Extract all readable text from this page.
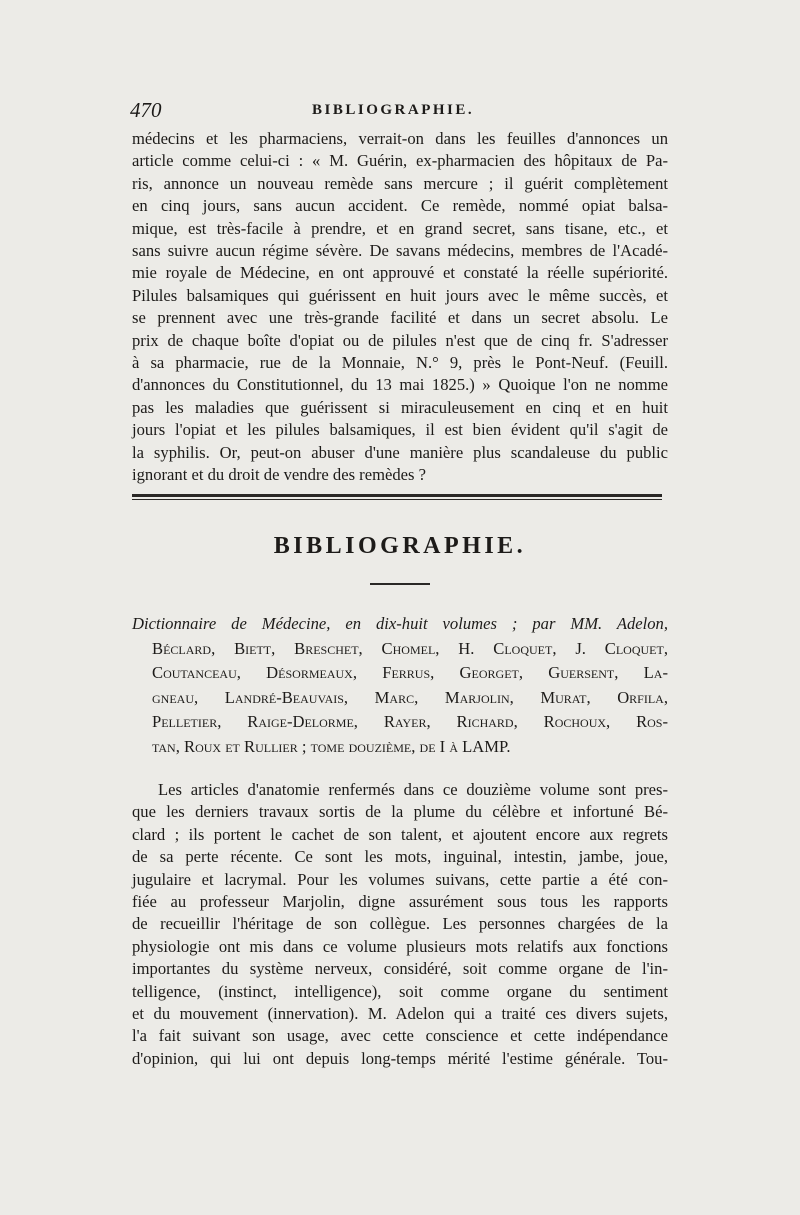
470	BIBLIOGRAPHIE.
médecins et les pharmaciens, verrait-on dans les feuilles d'annonces un
article comme celui-ci : « M. Guérin, ex-pharmacien des hôpitaux de Pa-
ris, annonce un nouveau remède sans mercure ; il guérit complètement
en cinq jours, sans aucun accident. Ce remède, nommé opiat balsa-
mique, est très-facile à prendre, et en grand secret, sans tisane, etc., et
sans suivre aucun régime sévère. De savans médecins, membres de l'Acadé-
mie royale de Médecine, en ont approuvé et constaté la réelle supériorité.
Pilules balsamiques qui guérissent en huit jours avec le même succès, et
se prennent avec une très-grande facilité et dans un secret absolu. Le
prix de chaque boîte d'opiat ou de pilules n'est que de cinq fr. S'adresser
à sa pharmacie, rue de la Monnaie, N.° 9, près le Pont-Neuf. (Feuill.
d'annonces du Constitutionnel, du 13 mai 1825.) » Quoique l'on ne nomme
pas les maladies que guérissent si miraculeusement en cinq et en huit
jours l'opiat et les pilules balsamiques, il est bien évident qu'il s'agit de
la syphilis. Or, peut-on abuser d'une manière plus scandaleuse du public
ignorant et du droit de vendre des remèdes ?
BIBLIOGRAPHIE.
Dictionnaire de Médecine, en dix-huit volumes ; par MM. Adelon,
Béclard, Biett, Breschet, Chomel, H. Cloquet, J. Cloquet,
Coutanceau, Désormeaux, Ferrus, Georget, Guersent, La-
gneau, Landré-Beauvais, Marc, Marjolin, Murat, Orfila,
Pelletier, Raige-Delorme, Rayer, Richard, Rochoux, Ros-
tan, Roux et Rullier ; tome douzième, de I à LAMP.
Les articles d'anatomie renfermés dans ce douzième volume sont pres-
que les derniers travaux sortis de la plume du célèbre et infortuné Bé-
clard ; ils portent le cachet de son talent, et ajoutent encore aux regrets
de sa perte récente. Ce sont les mots, inguinal, intestin, jambe, joue,
jugulaire et lacrymal. Pour les volumes suivans, cette partie a été con-
fiée au professeur Marjolin, digne assurément sous tous les rapports
de recueillir l'héritage de son collègue. Les personnes chargées de la
physiologie ont mis dans ce volume plusieurs mots relatifs aux fonctions
importantes du système nerveux, considéré, soit comme organe de l'in-
telligence, (instinct, intelligence), soit comme organe du sentiment
et du mouvement (innervation). M. Adelon qui a traité ces divers sujets,
l'a fait suivant son usage, avec cette conscience et cette indépendance
d'opinion, qui lui ont depuis long-temps mérité l'estime générale. Tou-
